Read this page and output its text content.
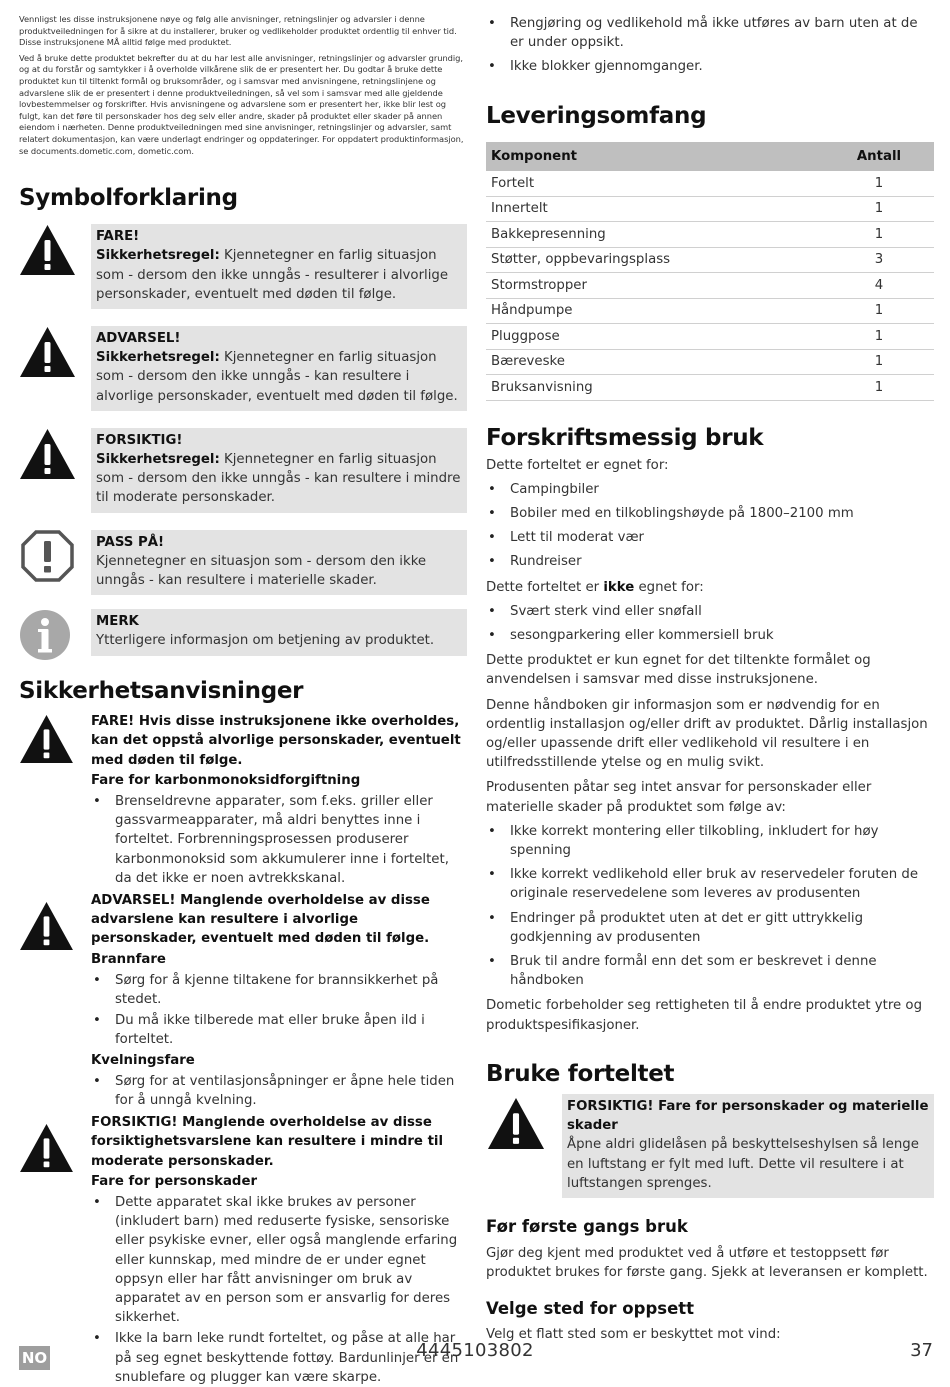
Vennligst les disse instruksjonene nøye og følg alle anvisninger, retningslinjer og advarsler i denne produktveiledningen for å sikre at du installerer, bruker og vedlikeholder produktet ordentlig til enhver tid. Disse instruksjonene MÅ alltid følge med produktet.

Ved å bruke dette produktet bekrefter du at du har lest alle anvisninger, retningslinjer og advarsler grundig, og at du forstår og samtykker i å overholde vilkårene slik de er presentert her. Du godtar å bruke dette produktet kun til tiltenkt formål og bruksområder, og i samsvar med anvisningene, retningslinjene og advarslene slik de er presentert i denne produktveiledningen, så vel som i samsvar med alle gjeldende lovbestemmelser og forskrifter. Hvis anvisningene og advarslene som er presentert her, ikke blir lest og fulgt, kan det føre til personskader hos deg selv eller andre, skader på produktet eller skader på annen eiendom i nærheten. Denne produktveiledningen med sine anvisninger, retningslinjer og advarsler, samt relatert dokumentasjon, kan være underlagt endringer og oppdateringer. For oppdatert produktinformasjon, se documents.dometic.com, dometic.com.

Symbolforklaring
FARE!
Sikkerhetsregel: Kjennetegner en farlig situasjon som - dersom den ikke unngås - resulterer i alvorlige personskader, eventuelt med døden til følge.
ADVARSEL!
Sikkerhetsregel: Kjennetegner en farlig situasjon som - dersom den ikke unngås - kan resultere i alvorlige personskader, eventuelt med døden til følge.
FORSIKTIG!
Sikkerhetsregel: Kjennetegner en farlig situasjon som - dersom den ikke unngås - kan resultere i mindre til moderate personskader.
PASS PÅ!
Kjennetegner en situasjon som - dersom den ikke unngås - kan resultere i materielle skader.
MERK
Ytterligere informasjon om betjening av produktet.
Sikkerhetsanvisninger
FARE! Hvis disse instruksjonene ikke overholdes, kan det oppstå alvorlige personskader, eventuelt med døden til følge.
Fare for karbonmonoksidforgiftning
• Brenseldrevne apparater, som f.eks. griller eller gassvarmeapparater, må aldri benyttes inne i forteltet. Forbrenningsprosessen produserer karbonmonoksid som akkumulerer inne i forteltet, da det ikke er noen avtrekkskanal.
ADVARSEL! Manglende overholdelse av disse advarslene kan resultere i alvorlige personskader, eventuelt med døden til følge.
Brannfare
• Sørg for å kjenne tiltakene for brannsikkerhet på stedet.
• Du må ikke tilberede mat eller bruke åpen ild i forteltet.
Kvelningsfare
• Sørg for at ventilasjonsåpninger er åpne hele tiden for å unngå kvelning.
FORSIKTIG! Manglende overholdelse av disse forsiktighetsvarslene kan resultere i mindre til moderate personskader.
Fare for personskader
• Dette apparatet skal ikke brukes av personer (inkludert barn) med reduserte fysiske, sensoriske eller psykiske evner, eller også manglende erfaring eller kunnskap, med mindre de er under egnet oppsyn eller har fått anvisninger om bruk av apparatet av en person som er ansvarlig for deres sikkerhet.
• Ikke la barn leke rundt forteltet, og påse at alle har på seg egnet beskyttende fottøy. Bardunlinjer er en snublefare og plugger kan være skarpe.
• Rengjøring og vedlikehold må ikke utføres av barn uten at de er under oppsikt.
• Ikke blokker gjennomganger.
Leveringsomfang
Komponent	Antall
Fortelt	1
Innertelt	1
Bakkepresenning	1
Støtter, oppbevaringsplass	3
Stormstropper	4
Håndpumpe	1
Pluggpose	1
Bæreveske	1
Bruksanvisning	1
Forskriftsmessig bruk

Dette forteltet er egnet for:

• Campingbiler
• Bobiler med en tilkoblingshøyde på 1800–2100 mm
• Lett til moderat vær
• Rundreiser

Dette forteltet er ikke egnet for:

• Svært sterk vind eller snøfall
• sesongparkering eller kommersiell bruk

Dette produktet er kun egnet for det tiltenkte formålet og anvendelsen i samsvar med disse instruksjonene.

Denne håndboken gir informasjon som er nødvendig for en ordentlig installasjon og/eller drift av produktet. Dårlig installasjon og/eller upassende drift eller vedlikehold vil resultere i en utilfredsstillende ytelse og en mulig svikt.

Produsenten påtar seg intet ansvar for personskader eller materielle skader på produktet som følge av:

• Ikke korrekt montering eller tilkobling, inkludert for høy spenning
• Ikke korrekt vedlikehold eller bruk av reservedeler foruten de originale reservedelene som leveres av produsenten
• Endringer på produktet uten at det er gitt uttrykkelig godkjenning av produsenten
• Bruk til andre formål enn det som er beskrevet i denne håndboken

Dometic forbeholder seg rettigheten til å endre produktet ytre og produktspesifikasjoner.

Bruke forteltet
FORSIKTIG! Fare for personskader og materielle skader
Åpne aldri glidelåsen på beskyttelseshylsen så lenge en luftstang er fylt med luft. Dette vil resultere i at luftstangen sprenges.
Før første gangs bruk

Gjør deg kjent med produktet ved å utføre et testoppsett før produktet brukes for første gang. Sjekk at leveransen er komplett.

Velge sted for oppsett

Velg et flatt sted som er beskyttet mot vind:

NO	4445103802	37
